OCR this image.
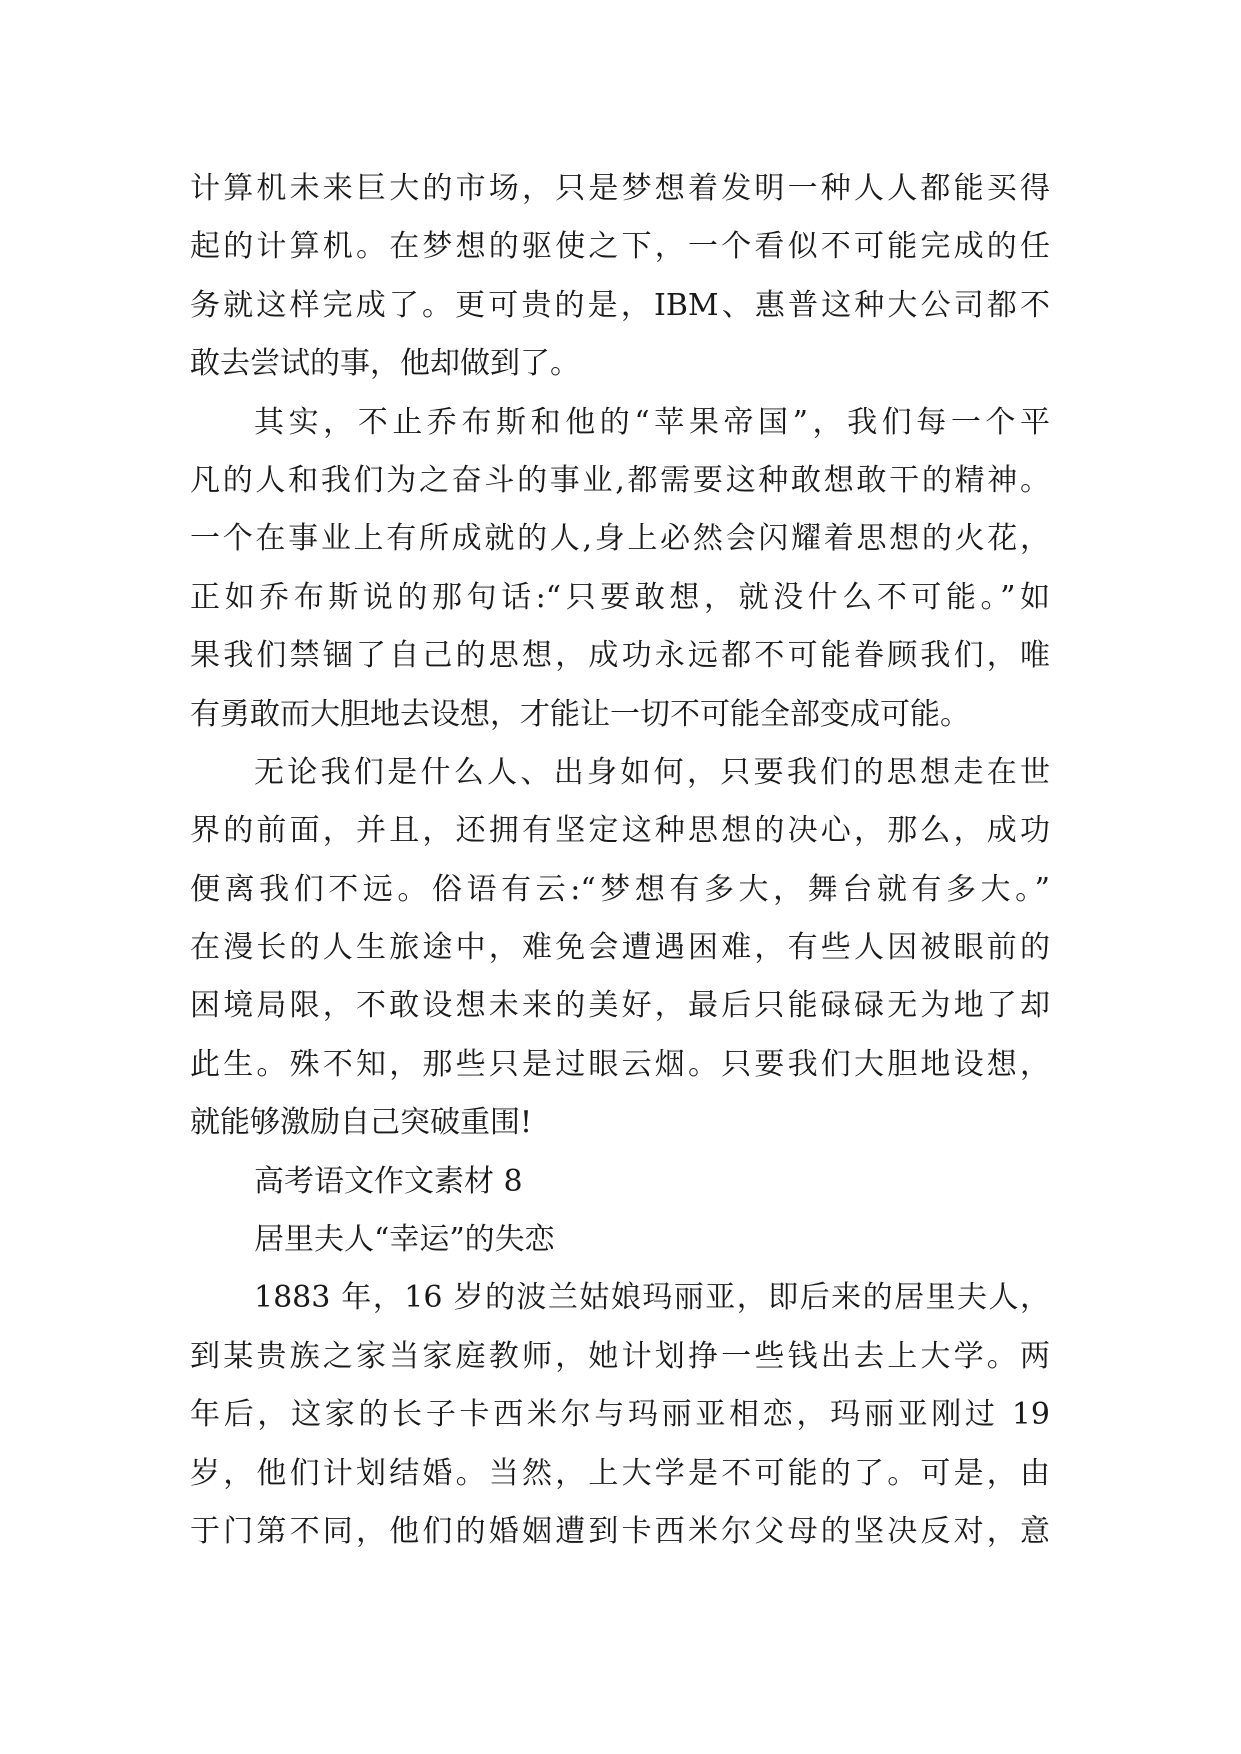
计算机未来巨大的市场，只是梦想着发明一种人人都能买得
起的计算机。在梦想的驱使之下，一个看似不可能完成的任
务就这样完成了。更可贵的是，IBM、惠普这种大公司都不
敢去尝试的事，他却做到了。
其实，不止乔布斯和他的“苹果帝国”，我们每一个平
凡的人和我们为之奋斗的事业,都需要这种敢想敢干的精神。
一个在事业上有所成就的人,身上必然会闪耀着思想的火花，
正如乔布斯说的那句话:“只要敢想，就没什么不可能。”如
果我们禁锢了自己的思想，成功永远都不可能眷顾我们，唯
有勇敢而大胆地去设想，才能让一切不可能全部变成可能。
无论我们是什么人、出身如何，只要我们的思想走在世
界的前面，并且，还拥有坚定这种思想的决心，那么，成功
便离我们不远。俗语有云:“梦想有多大，舞台就有多大。”
在漫长的人生旅途中，难免会遭遇困难，有些人因被眼前的
困境局限，不敢设想未来的美好，最后只能碌碌无为地了却
此生。殊不知，那些只是过眼云烟。只要我们大胆地设想，
就能够激励自己突破重围!
高考语文作文素材 8
居里夫人“幸运”的失恋
1883 年，16 岁的波兰姑娘玛丽亚，即后来的居里夫人，
到某贵族之家当家庭教师，她计划挣一些钱出去上大学。两
年后，这家的长子卡西米尔与玛丽亚相恋，玛丽亚刚过 19
岁，他们计划结婚。当然，上大学是不可能的了。可是，由
于门第不同，他们的婚姻遭到卡西米尔父母的坚决反对，意
